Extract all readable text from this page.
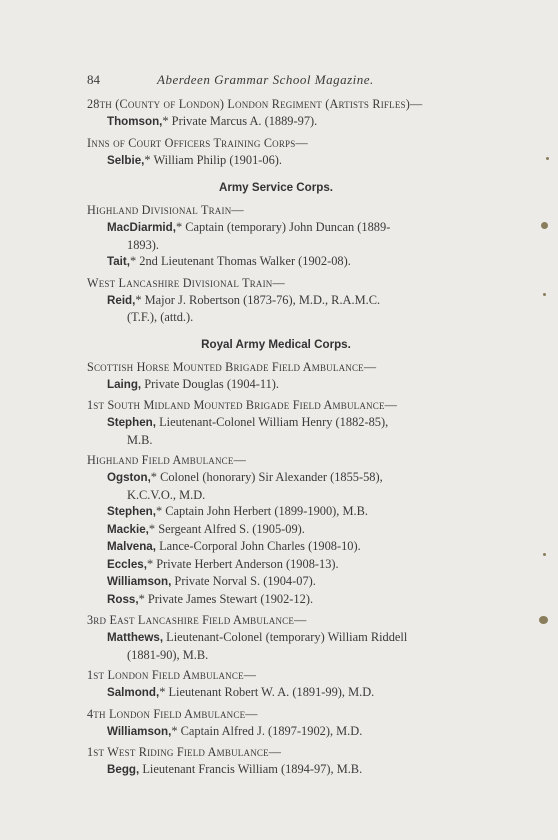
84	Aberdeen Grammar School Magazine.
28th (County of London) London Regiment (Artists Rifles)—
Thomson,* Private Marcus A. (1889-97).
Inns of Court Officers Training Corps—
Selbie,* William Philip (1901-06).
Army Service Corps.
Highland Divisional Train—
MacDiarmid,* Captain (temporary) John Duncan (1889-
1893).
Tait,* 2nd Lieutenant Thomas Walker (1902-08).
West Lancashire Divisional Train—
Reid,* Major J. Robertson (1873-76), M.D., R.A.M.C.
(T.F.), (attd.).
Royal Army Medical Corps.
Scottish Horse Mounted Brigade Field Ambulance—
Laing, Private Douglas (1904-11).
1st South Midland Mounted Brigade Field Ambulance—
Stephen, Lieutenant-Colonel William Henry (1882-85),
M.B.
Highland Field Ambulance—
Ogston,* Colonel (honorary) Sir Alexander (1855-58),
K.C.V.O., M.D.
Stephen,* Captain John Herbert (1899-1900), M.B.
Mackie,* Sergeant Alfred S. (1905-09).
Malvena, Lance-Corporal John Charles (1908-10).
Eccles,* Private Herbert Anderson (1908-13).
Williamson, Private Norval S. (1904-07).
Ross,* Private James Stewart (1902-12).
3rd East Lancashire Field Ambulance—
Matthews, Lieutenant-Colonel (temporary) William Riddell
(1881-90), M.B.
1st London Field Ambulance—
Salmond,* Lieutenant Robert W. A. (1891-99), M.D.
4th London Field Ambulance—
Williamson,* Captain Alfred J. (1897-1902), M.D.
1st West Riding Field Ambulance—
Begg, Lieutenant Francis William (1894-97), M.B.
